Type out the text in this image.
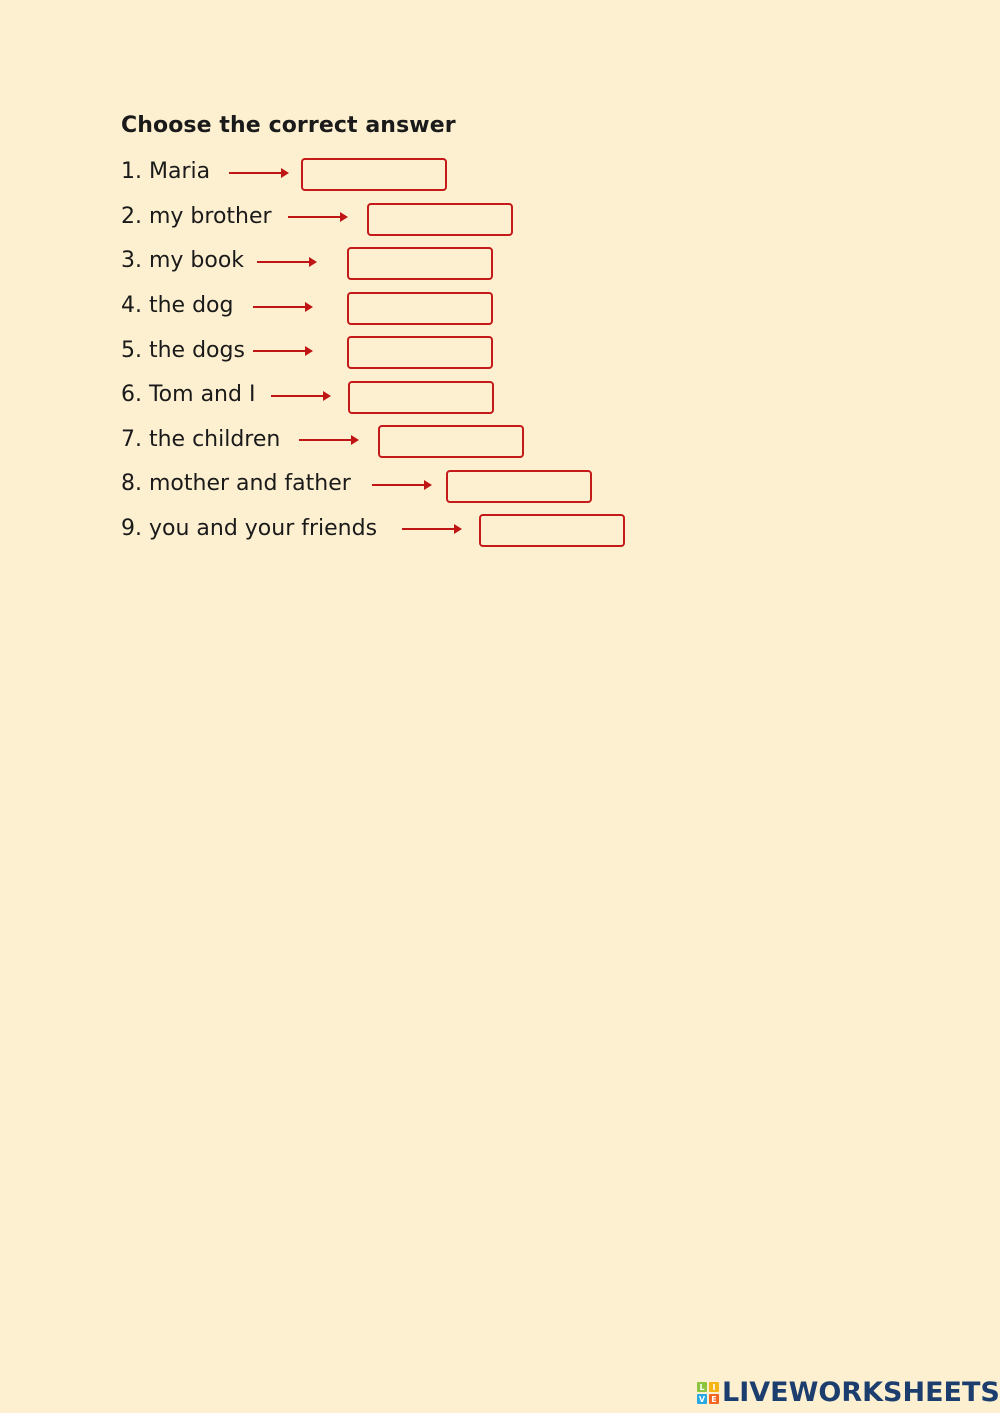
Choose the correct answer
1. Maria
2. my brother
3. my book
4. the dog
5. the dogs
6. Tom and I
7. the children
8. mother and father
9. you and your friends
L I
V E LIVEWORKSHEETS
